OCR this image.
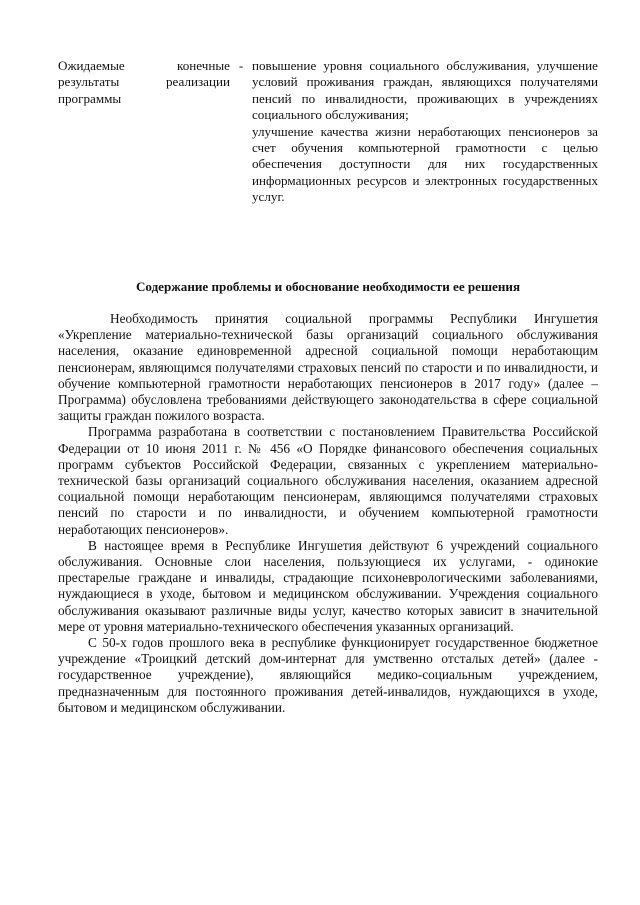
Ожидаемые конечные результаты реализации программы
- повышение уровня социального обслуживания, улучшение условий проживания граждан, являющихся получателями пенсий по инвалидности, проживающих в учреждениях социального обслуживания;

улучшение качества жизни неработающих пенсионеров за счет обучения компьютерной грамотности с целью обеспечения доступности для них государственных информационных ресурсов и электронных государственных услуг.

Содержание проблемы и обоснование необходимости ее решения

Необходимость принятия социальной программы Республики Ингушетия «Укрепление материально-технической базы организаций социального обслуживания населения, оказание единовременной адресной социальной помощи неработающим пенсионерам, являющимся получателями страховых пенсий по старости и по инвалидности, и обучение компьютерной грамотности неработающих пенсионеров в 2017 году» (далее – Программа) обусловлена требованиями действующего законодательства в сфере социальной защиты граждан пожилого возраста.

Программа разработана в соответствии с постановлением Правительства Российской Федерации от 10 июня 2011 г. № 456 «О Порядке финансового обеспечения социальных программ субъектов Российской Федерации, связанных с укреплением материально-технической базы организаций социального обслуживания населения, оказанием адресной социальной помощи неработающим пенсионерам, являющимся получателями страховых пенсий по старости и по инвалидности, и обучением компьютерной грамотности неработающих пенсионеров».

В настоящее время в Республике Ингушетия действуют 6 учреждений социального обслуживания. Основные слои населения, пользующиеся их услугами, - одинокие престарелые граждане и инвалиды, страдающие психоневрологическими заболеваниями, нуждающиеся в уходе, бытовом и медицинском обслуживании. Учреждения социального обслуживания оказывают различные виды услуг, качество которых зависит в значительной мере от уровня материально-технического обеспечения указанных организаций.

С 50-х годов прошлого века в республике функционирует государственное бюджетное учреждение «Троицкий детский дом-интернат для умственно отсталых детей» (далее - государственное учреждение), являющийся медико-социальным учреждением, предназначенным для постоянного проживания детей-инвалидов, нуждающихся в уходе, бытовом и медицинском обслуживании.
